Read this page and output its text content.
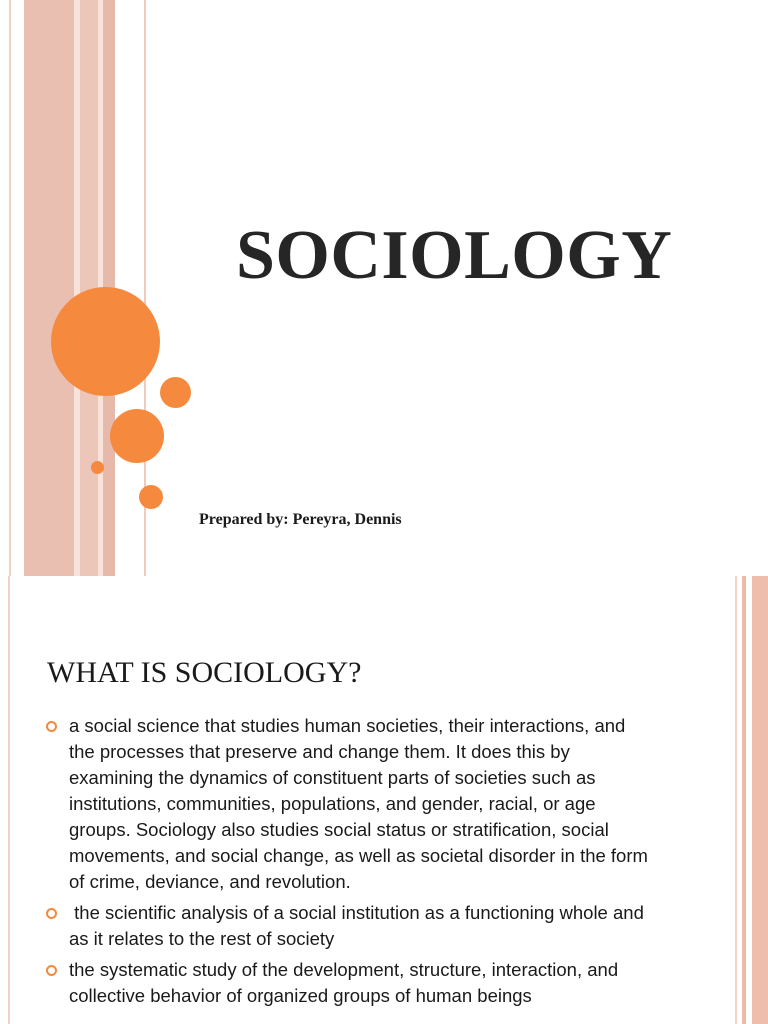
SOCIOLOGY
Prepared by: Pereyra, Dennis
WHAT IS SOCIOLOGY?
a social science that studies human societies, their interactions, and the processes that preserve and change them. It does this by examining the dynamics of constituent parts of societies such as institutions, communities, populations, and gender, racial, or age groups. Sociology also studies social status or stratification, social movements, and social change, as well as societal disorder in the form of crime, deviance, and revolution.
the scientific analysis of a social institution as a functioning whole and as it relates to the rest of society
the systematic study of the development, structure, interaction, and collective behavior of organized groups of human beings
